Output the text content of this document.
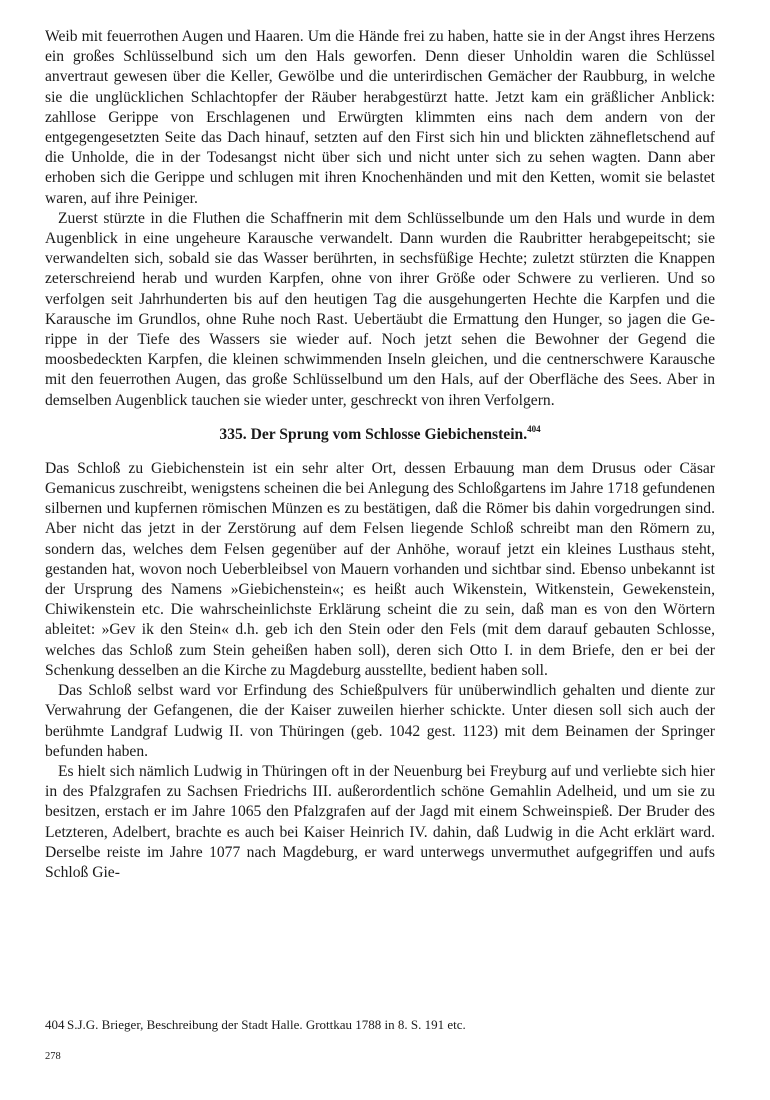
Weib mit feuerrothen Augen und Haaren. Um die Hände frei zu haben, hatte sie in der Angst ihres Herzens ein großes Schlüsselbund sich um den Hals geworfen. Denn dieser Unholdin waren die Schlüssel anvertraut gewesen über die Keller, Gewölbe und die unterirdischen Gemächer der Raubburg, in welche sie die unglücklichen Schlachtopfer der Räuber herabgestürzt hatte. Jetzt kam ein gräßlicher Anblick: zahllose Gerippe von Erschlagenen und Erwürgten klimmten eins nach dem andern von der entgegengesetzten Seite das Dach hinauf, setzten auf den First sich hin und blickten zähnefletschend auf die Unholde, die in der Todesangst nicht über sich und nicht unter sich zu sehen wagten. Dann aber erhoben sich die Gerippe und schlugen mit ihren Knochenhänden und mit den Ketten, womit sie belastet waren, auf ihre Peiniger.

Zuerst stürzte in die Fluthen die Schaffnerin mit dem Schlüsselbunde um den Hals und wurde in dem Augenblick in eine ungeheure Karausche verwandelt. Dann wurden die Raubritter herabgepeitscht; sie verwandelten sich, sobald sie das Wasser berührten, in sechsfüßige Hechte; zuletzt stürzten die Knappen zeterschreiend herab und wurden Karpfen, ohne von ihrer Größe oder Schwere zu verlieren. Und so verfolgen seit Jahrhunderten bis auf den heutigen Tag die ausgehungerten Hechte die Karpfen und die Karausche im Grundlos, ohne Ruhe noch Rast. Uebertäubt die Ermattung den Hunger, so jagen die Gerippe in der Tiefe des Wassers sie wieder auf. Noch jetzt sehen die Bewohner der Gegend die moosbedeckten Karpfen, die kleinen schwimmenden Inseln gleichen, und die centnerschwere Karausche mit den feuerrothen Augen, das große Schlüsselbund um den Hals, auf der Oberfläche des Sees. Aber in demselben Augenblick tauchen sie wieder unter, geschreckt von ihren Verfolgern.

335. Der Sprung vom Schlosse Giebichenstein.$^{404}$

Das Schloß zu Giebichenstein ist ein sehr alter Ort, dessen Erbauung man dem Drusus oder Cäsar Gemanicus zuschreibt, wenigstens scheinen die bei Anlegung des Schloßgartens im Jahre 1718 gefundenen silbernen und kupfernen römischen Münzen es zu bestätigen, daß die Römer bis dahin vorgedrungen sind. Aber nicht das jetzt in der Zerstörung auf dem Felsen liegende Schloß schreibt man den Römern zu, sondern das, welches dem Felsen gegenüber auf der Anhöhe, worauf jetzt ein kleines Lusthaus steht, gestanden hat, wovon noch Ueberbleibsel von Mauern vorhanden und sichtbar sind. Ebenso unbekannt ist der Ursprung des Namens »Giebichenstein«; es heißt auch Wikenstein, Witkenstein, Gewekenstein, Chiwikenstein etc. Die wahrscheinlichste Erklärung scheint die zu sein, daß man es von den Wörtern ableitet: »Gev ik den Stein« d.h. geb ich den Stein oder den Fels (mit dem darauf gebauten Schlosse, welches das Schloß zum Stein geheißen haben soll), deren sich Otto I. in dem Briefe, den er bei der Schenkung desselben an die Kirche zu Magdeburg ausstellte, bedient haben soll.

Das Schloß selbst ward vor Erfindung des Schießpulvers für unüberwindlich gehalten und diente zur Verwahrung der Gefangenen, die der Kaiser zuweilen hierher schickte. Unter diesen soll sich auch der berühmte Landgraf Ludwig II. von Thüringen (geb. 1042 gest. 1123) mit dem Beinamen der Springer befunden haben.

Es hielt sich nämlich Ludwig in Thüringen oft in der Neuenburg bei Freyburg auf und verliebte sich hier in des Pfalzgrafen zu Sachsen Friedrichs III. außerordentlich schöne Gemahlin Adelheid, und um sie zu besitzen, erstach er im Jahre 1065 den Pfalzgrafen auf der Jagd mit einem Schweinspieß. Der Bruder des Letzteren, Adelbert, brachte es auch bei Kaiser Heinrich IV. dahin, daß Ludwig in die Acht erklärt ward. Derselbe reiste im Jahre 1077 nach Magdeburg, er ward unterwegs unvermuthet aufgegriffen und aufs Schloß Gie-

404 S.J.G. Brieger, Beschreibung der Stadt Halle. Grottkau 1788 in 8. S. 191 etc.
278
